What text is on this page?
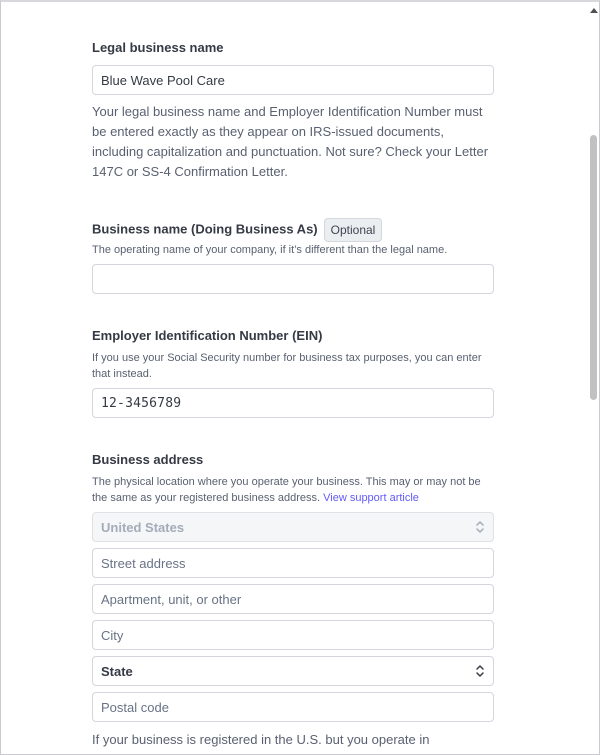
Legal business name
Blue Wave Pool Care
Your legal business name and Employer Identification Number must be entered exactly as they appear on IRS-issued documents, including capitalization and punctuation. Not sure? Check your Letter 147C or SS-4 Confirmation Letter.
Business name (Doing Business As) Optional
The operating name of your company, if it’s different than the legal name.
Employer Identification Number (EIN)
If you use your Social Security number for business tax purposes, you can enter that instead.
12-3456789
Business address
The physical location where you operate your business. This may or may not be the same as your registered business address. View support article
United States
Street address
Apartment, unit, or other
City
State
Postal code
If your business is registered in the U.S. but you operate in
